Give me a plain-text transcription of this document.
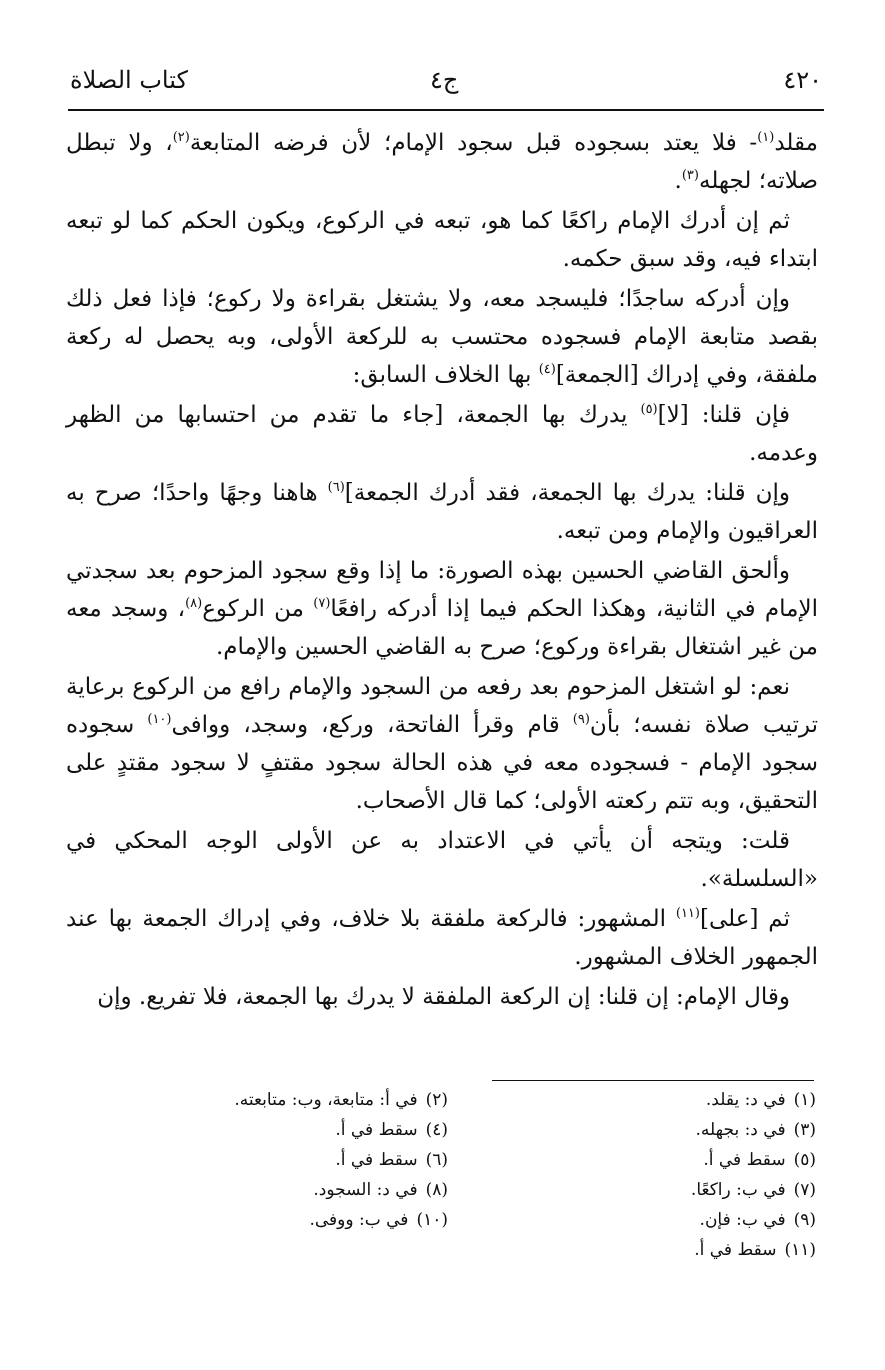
٤٢٠
ج٤
كتاب الصلاة

مقلد$^{(١)}$- فلا يعتد بسجوده قبل سجود الإمام؛ لأن فرضه المتابعة$^{(٢)}$، ولا تبطل صلاته؛ لجهله$^{(٣)}$.

ثم إن أدرك الإمام راكعًا كما هو، تبعه في الركوع، ويكون الحكم كما لو تبعه ابتداء فيه، وقد سبق حكمه.

وإن أدركه ساجدًا؛ فليسجد معه، ولا يشتغل بقراءة ولا ركوع؛ فإذا فعل ذلك بقصد متابعة الإمام فسجوده محتسب به للركعة الأولى، وبه يحصل له ركعة ملفقة، وفي إدراك [الجمعة]$^{(٤)}$ بها الخلاف السابق:

فإن قلنا: [لا]$^{(٥)}$ يدرك بها الجمعة، [جاء ما تقدم من احتسابها من الظهر وعدمه.

وإن قلنا: يدرك بها الجمعة، فقد أدرك الجمعة]$^{(٦)}$ هاهنا وجهًا واحدًا؛ صرح به العراقيون والإمام ومن تبعه.

وألحق القاضي الحسين بهذه الصورة: ما إذا وقع سجود المزحوم بعد سجدتي الإمام في الثانية، وهكذا الحكم فيما إذا أدركه رافعًا$^{(٧)}$ من الركوع$^{(٨)}$، وسجد معه من غير اشتغال بقراءة وركوع؛ صرح به القاضي الحسين والإمام.

نعم: لو اشتغل المزحوم بعد رفعه من السجود والإمام رافع من الركوع برعاية ترتيب صلاة نفسه؛ بأن$^{(٩)}$ قام وقرأ الفاتحة، وركع، وسجد، ووافى$^{(١٠)}$ سجوده سجود الإمام - فسجوده معه في هذه الحالة سجود مقتفٍ لا سجود مقتدٍ على التحقيق، وبه تتم ركعته الأولى؛ كما قال الأصحاب.

قلت: ويتجه أن يأتي في الاعتداد به عن الأولى الوجه المحكي في «السلسلة».

ثم [على]$^{(١١)}$ المشهور: فالركعة ملفقة بلا خلاف، وفي إدراك الجمعة بها عند الجمهور الخلاف المشهور.

وقال الإمام: إن قلنا: إن الركعة الملفقة لا يدرك بها الجمعة، فلا تفريع. وإن

(١)في د: يقلد.
(٢)في أ: متابعة، وب: متابعته.
(٣)في د: بجهله.
(٤)سقط في أ.
(٥)سقط في أ.
(٦)سقط في أ.
(٧)في ب: راكعًا.
(٨)في د: السجود.
(٩)في ب: فإن.
(١٠)في ب: ووفى.
(١١)سقط في أ.
